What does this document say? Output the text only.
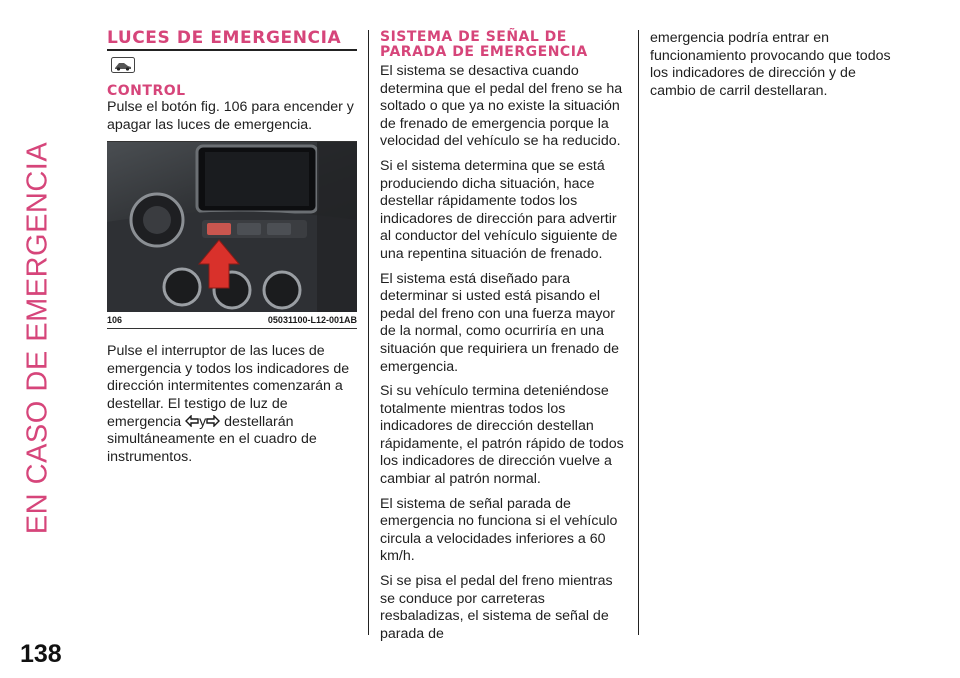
EN CASO DE EMERGENCIA
138
LUCES DE EMERGENCIA
CONTROL

Pulse el botón fig. 106 para encender y apagar las luces de emergencia.

106	05031100-L12-001AB

Pulse el interruptor de las luces de emergencia y todos los indicadores de dirección intermitentes comenzarán a destellar. El testigo de luz de emergencia y destellarán simultáneamente en el cuadro de instrumentos.

SISTEMA DE SEÑAL DE PARADA DE EMERGENCIA

El sistema se desactiva cuando determina que el pedal del freno se ha soltado o que ya no existe la situación de frenado de emergencia porque la velocidad del vehículo se ha reducido.

Si el sistema determina que se está produciendo dicha situación, hace destellar rápidamente todos los indicadores de dirección para advertir al conductor del vehículo siguiente de una repentina situación de frenado.

El sistema está diseñado para determinar si usted está pisando el pedal del freno con una fuerza mayor de la normal, como ocurriría en una situación que requiriera un frenado de emergencia.

Si su vehículo termina deteniéndose totalmente mientras todos los indicadores de dirección destellan rápidamente, el patrón rápido de todos los indicadores de dirección vuelve a cambiar al patrón normal.

El sistema de señal parada de emergencia no funciona si el vehículo circula a velocidades inferiores a 60 km/h.

Si se pisa el pedal del freno mientras se conduce por carreteras resbaladizas, el sistema de señal de parada de

emergencia podría entrar en funcionamiento provocando que todos los indicadores de dirección y de cambio de carril destellaran.
